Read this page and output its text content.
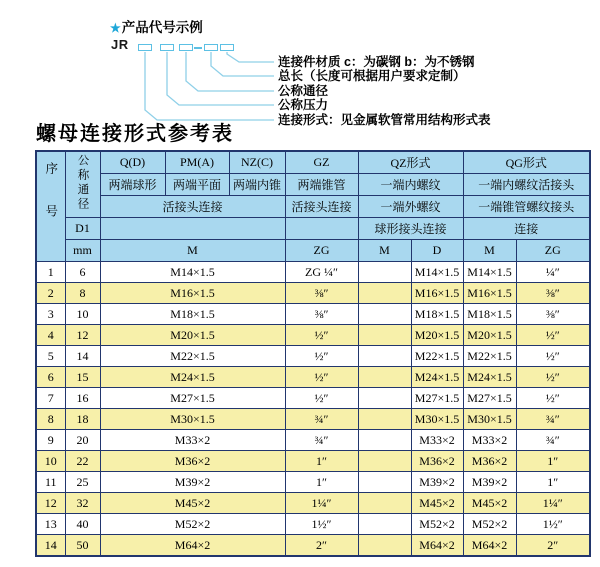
★产品代号示例
JR
连接件材质 c：为碳钢 b：为不锈钢
总长（长度可根据用户要求定制）
公称通径
公称压力
连接形式：见金属软管常用结构形式表
螺母连接形式参考表
序号	公称通径	Q(D)	PM(A)	NZ(C)	GZ	QZ形式		QG形式	
		两端球形	两端平面	两端内锥	两端锥管	一端内螺纹		一端内螺纹活接头	
		活接头连接			活接头连接	一端外螺纹		一端锥管螺纹接头	
	D1					球形接头连接		连接	
	mm	M			ZG	M	D	M	ZG
1	6	M14×1.5			ZG ¼″		M14×1.5	M14×1.5	¼″
2	8	M16×1.5			⅜″		M16×1.5	M16×1.5	⅜″
3	10	M18×1.5			⅜″		M18×1.5	M18×1.5	⅜″
4	12	M20×1.5			½″		M20×1.5	M20×1.5	½″
5	14	M22×1.5			½″		M22×1.5	M22×1.5	½″
6	15	M24×1.5			½″		M24×1.5	M24×1.5	½″
7	16	M27×1.5			½″		M27×1.5	M27×1.5	½″
8	18	M30×1.5			¾″		M30×1.5	M30×1.5	¾″
9	20	M33×2			¾″		M33×2	M33×2	¾″
10	22	M36×2			1″		M36×2	M36×2	1″
11	25	M39×2			1″		M39×2	M39×2	1″
12	32	M45×2			1¼″		M45×2	M45×2	1¼″
13	40	M52×2			1½″		M52×2	M52×2	1½″
14	50	M64×2			2″		M64×2	M64×2	2″
